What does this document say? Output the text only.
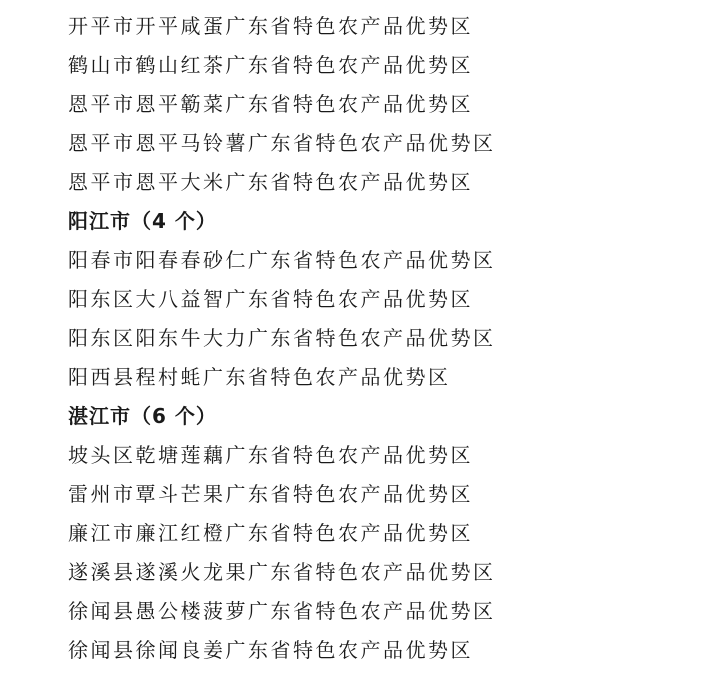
开平市开平咸蛋广东省特色农产品优势区
鹤山市鹤山红茶广东省特色农产品优势区
恩平市恩平簕菜广东省特色农产品优势区
恩平市恩平马铃薯广东省特色农产品优势区
恩平市恩平大米广东省特色农产品优势区
阳江市（4 个）
阳春市阳春春砂仁广东省特色农产品优势区
阳东区大八益智广东省特色农产品优势区
阳东区阳东牛大力广东省特色农产品优势区
阳西县程村蚝广东省特色农产品优势区
湛江市（6 个）
坡头区乾塘莲藕广东省特色农产品优势区
雷州市覃斗芒果广东省特色农产品优势区
廉江市廉江红橙广东省特色农产品优势区
遂溪县遂溪火龙果广东省特色农产品优势区
徐闻县愚公楼菠萝广东省特色农产品优势区
徐闻县徐闻良姜广东省特色农产品优势区
